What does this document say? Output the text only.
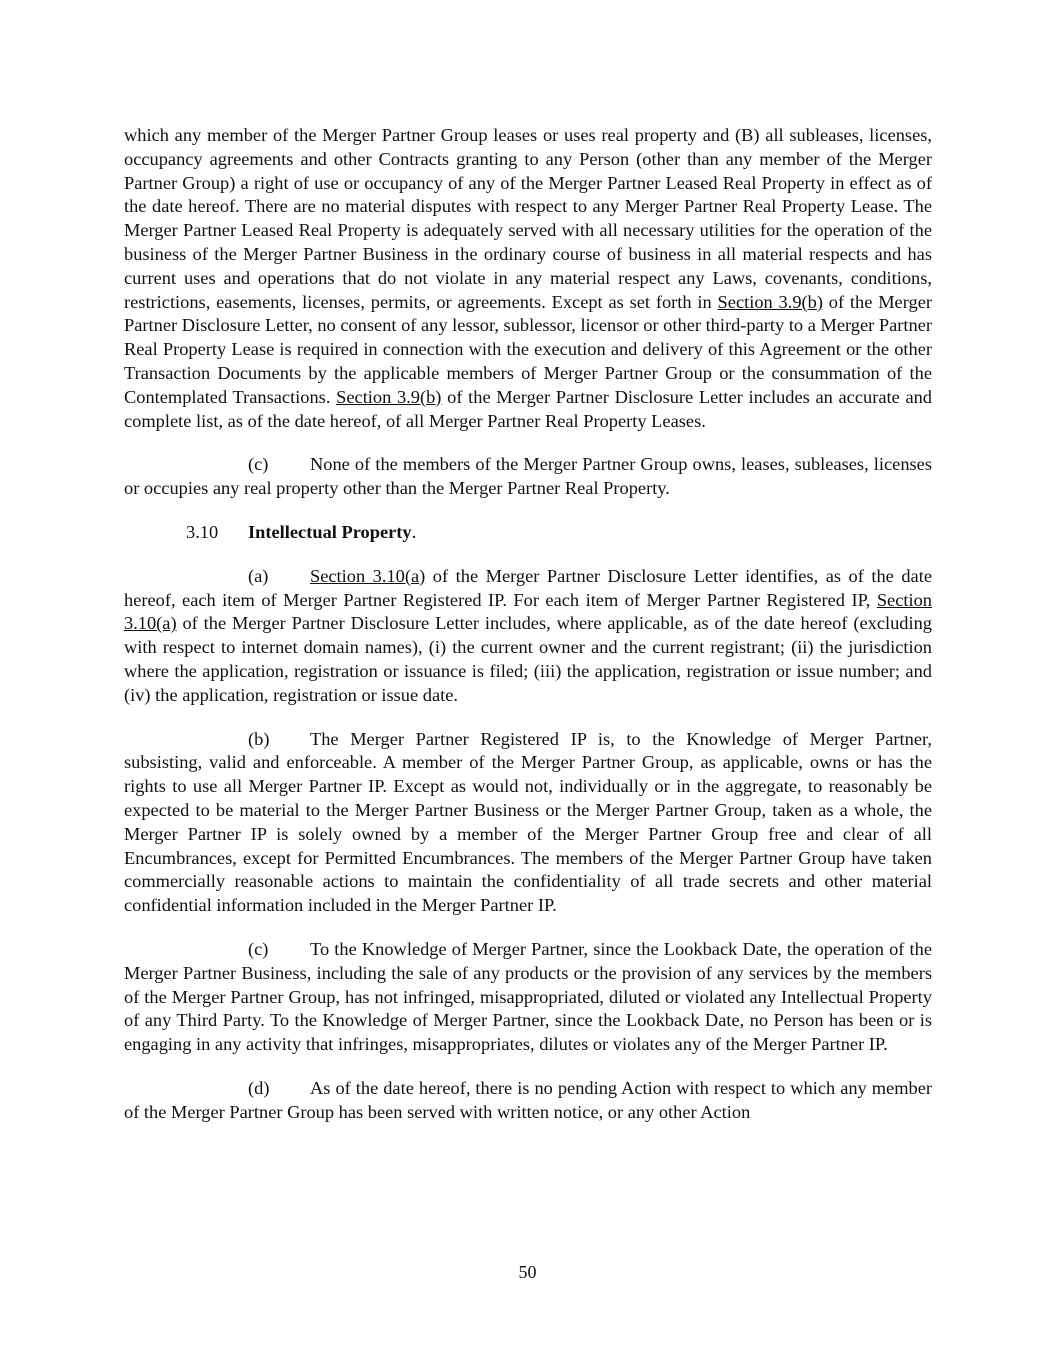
which any member of the Merger Partner Group leases or uses real property and (B) all subleases, licenses, occupancy agreements and other Contracts granting to any Person (other than any member of the Merger Partner Group) a right of use or occupancy of any of the Merger Partner Leased Real Property in effect as of the date hereof. There are no material disputes with respect to any Merger Partner Real Property Lease. The Merger Partner Leased Real Property is adequately served with all necessary utilities for the operation of the business of the Merger Partner Business in the ordinary course of business in all material respects and has current uses and operations that do not violate in any material respect any Laws, covenants, conditions, restrictions, easements, licenses, permits, or agreements. Except as set forth in Section 3.9(b) of the Merger Partner Disclosure Letter, no consent of any lessor, sublessor, licensor or other third-party to a Merger Partner Real Property Lease is required in connection with the execution and delivery of this Agreement or the other Transaction Documents by the applicable members of Merger Partner Group or the consummation of the Contemplated Transactions. Section 3.9(b) of the Merger Partner Disclosure Letter includes an accurate and complete list, as of the date hereof, of all Merger Partner Real Property Leases.

(c) None of the members of the Merger Partner Group owns, leases, subleases, licenses or occupies any real property other than the Merger Partner Real Property.

3.10 Intellectual Property.

(a) Section 3.10(a) of the Merger Partner Disclosure Letter identifies, as of the date hereof, each item of Merger Partner Registered IP. For each item of Merger Partner Registered IP, Section 3.10(a) of the Merger Partner Disclosure Letter includes, where applicable, as of the date hereof (excluding with respect to internet domain names), (i) the current owner and the current registrant; (ii) the jurisdiction where the application, registration or issuance is filed; (iii) the application, registration or issue number; and (iv) the application, registration or issue date.

(b) The Merger Partner Registered IP is, to the Knowledge of Merger Partner, subsisting, valid and enforceable. A member of the Merger Partner Group, as applicable, owns or has the rights to use all Merger Partner IP. Except as would not, individually or in the aggregate, to reasonably be expected to be material to the Merger Partner Business or the Merger Partner Group, taken as a whole, the Merger Partner IP is solely owned by a member of the Merger Partner Group free and clear of all Encumbrances, except for Permitted Encumbrances. The members of the Merger Partner Group have taken commercially reasonable actions to maintain the confidentiality of all trade secrets and other material confidential information included in the Merger Partner IP.

(c) To the Knowledge of Merger Partner, since the Lookback Date, the operation of the Merger Partner Business, including the sale of any products or the provision of any services by the members of the Merger Partner Group, has not infringed, misappropriated, diluted or violated any Intellectual Property of any Third Party. To the Knowledge of Merger Partner, since the Lookback Date, no Person has been or is engaging in any activity that infringes, misappropriates, dilutes or violates any of the Merger Partner IP.

(d) As of the date hereof, there is no pending Action with respect to which any member of the Merger Partner Group has been served with written notice, or any other Action

50
